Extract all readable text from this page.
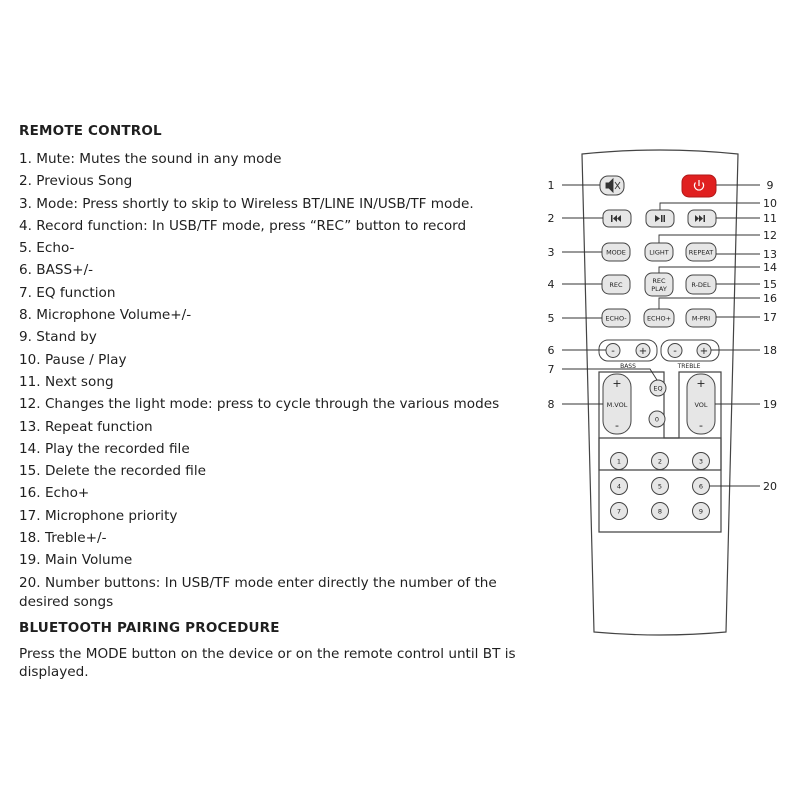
REMOTE CONTROL
1. Mute: Mutes the sound in any mode
2. Previous Song
3. Mode: Press shortly to skip to Wireless BT/LINE IN/USB/TF mode.
4. Record function: In USB/TF mode, press “REC” button to record
5. Echo-
6. BASS+/-
7. EQ function
8. Microphone Volume+/-
9. Stand by
10. Pause / Play
11. Next song
12. Changes the light mode: press to cycle through the various modes
13. Repeat function
14. Play the recorded file
15. Delete the recorded file
16. Echo+
17. Microphone priority
18. Treble+/-
19. Main Volume
20. Number buttons: In USB/TF mode enter directly the number of the desired songs
BLUETOOTH PAIRING PROCEDURE

Press the MODE button on the device or on the remote control until BT is displayed.

MODE	LIGHT	REPEAT
REC	REC
PLAY	R-DEL
ECHO-	ECHO+	M-PRI
- +
BASS
- +
TREBLE
+
M.VOL
-
+
VOL
-
EQ
0
1	2	3
4	5	6
7	8	9
1
2
3
4
5
6
7
8
9
10
11
12
13
14
15
16
17
18
19
20
